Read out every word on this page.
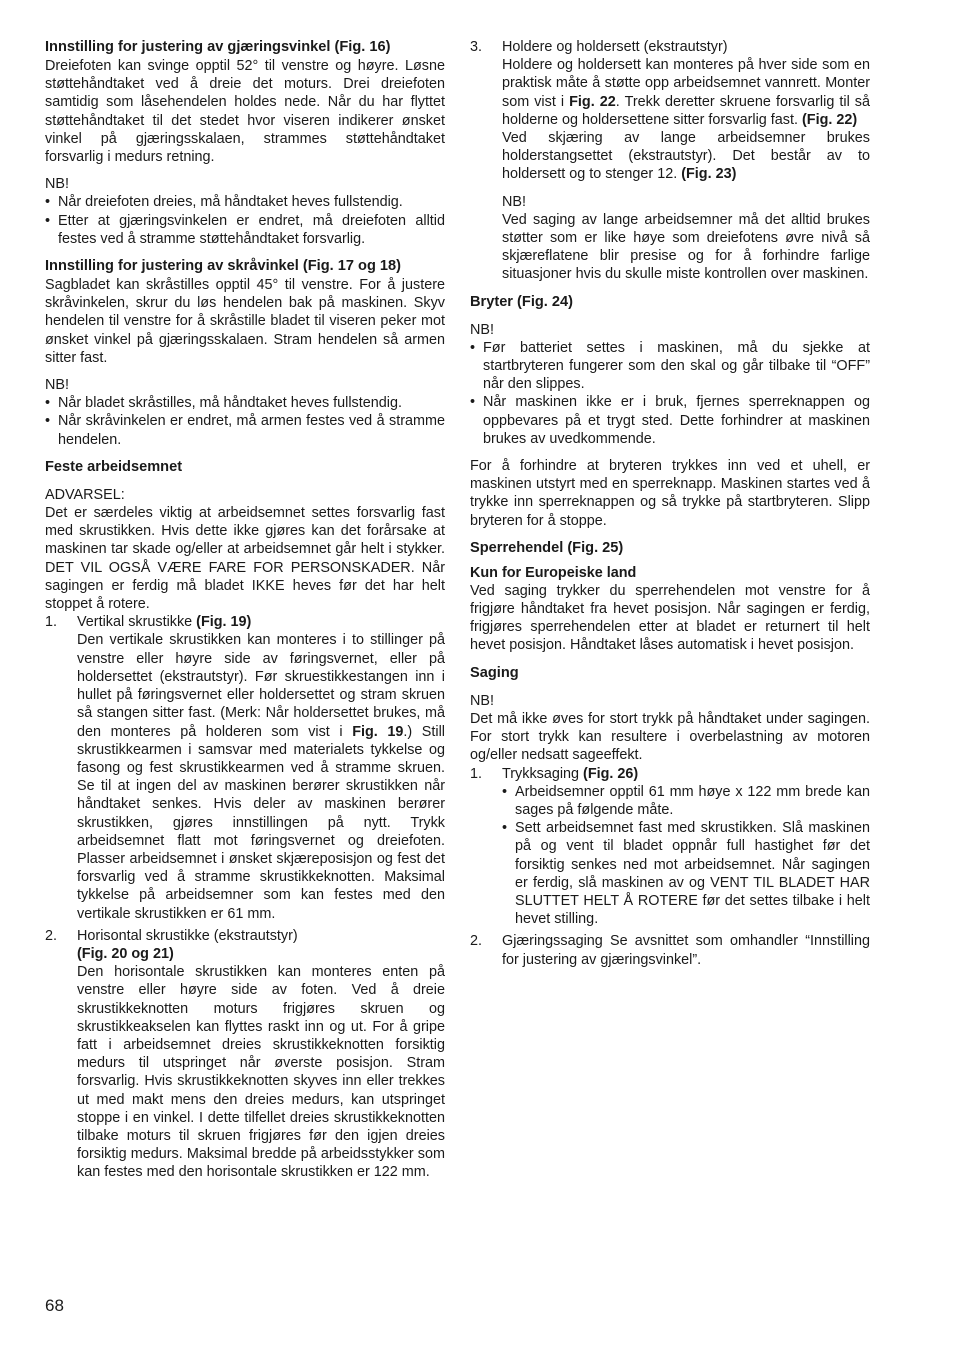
Innstilling for justering av gjæringsvinkel (Fig. 16)

Dreiefoten kan svinge opptil 52° til venstre og høyre. Løsne støttehåndtaket ved å dreie det moturs. Drei dreiefoten samtidig som låsehendelen holdes nede. Når du har flyttet støttehåndtaket til det stedet hvor viseren indikerer ønsket vinkel på gjæringsskalaen, strammes støttehåndtaket forsvarlig i medurs retning.

NB!

• Når dreiefoten dreies, må håndtaket heves fullstendig.
• Etter at gjæringsvinkelen er endret, må dreiefoten alltid festes ved å stramme støttehåndtaket forsvarlig.
Innstilling for justering av skråvinkel (Fig. 17 og 18)

Sagbladet kan skråstilles opptil 45° til venstre. For å justere skråvinkelen, skrur du løs hendelen bak på maskinen. Skyv hendelen til venstre for å skråstille bladet til viseren peker mot ønsket vinkel på gjæringsskalaen. Stram hendelen så armen sitter fast.

NB!

• Når bladet skråstilles, må håndtaket heves fullstendig.
• Når skråvinkelen er endret, må armen festes ved å stramme hendelen.
Feste arbeidsemnet

ADVARSEL:

Det er særdeles viktig at arbeidsemnet settes forsvarlig fast med skrustikken. Hvis dette ikke gjøres kan det forårsake at maskinen tar skade og/eller at arbeidsemnet går helt i stykker. DET VIL OGSÅ VÆRE FARE FOR PERSONSKADER. Når sagingen er ferdig må bladet IKKE heves før det har helt stoppet å rotere.

1. Vertikal skrustikke (Fig. 19)

Den vertikale skrustikken kan monteres i to stillinger på venstre eller høyre side av føringsvernet, eller på holdersettet (ekstrautstyr). Før skruestikkestangen inn i hullet på føringsvernet eller holdersettet og stram skruen så stangen sitter fast. (Merk: Når holdersettet brukes, må den monteres på holderen som vist i Fig. 19.) Still skrustikkearmen i samsvar med materialets tykkelse og fasong og fest skrustikkearmen ved å stramme skruen. Se til at ingen del av maskinen berører skrustikken når håndtaket senkes. Hvis deler av maskinen berører skrustikken, gjøres innstillingen på nytt. Trykk arbeidsemnet flatt mot føringsvernet og dreiefoten. Plasser arbeidsemnet i ønsket skjæreposisjon og fest det forsvarlig ved å stramme skrustikkeknotten. Maksimal tykkelse på arbeidsemner som kan festes med den vertikale skrustikken er 61 mm.

2. Horisontal skrustikke (ekstrautstyr)

(Fig. 20 og 21)

Den horisontale skrustikken kan monteres enten på venstre eller høyre side av foten. Ved å dreie skrustikkeknotten moturs frigjøres skruen og skrustikkeakselen kan flyttes raskt inn og ut. For å gripe fatt i arbeidsemnet dreies skrustikkeknotten forsiktig medurs til utspringet når øverste posisjon. Stram forsvarlig. Hvis skrustikkeknotten skyves inn eller trekkes ut med makt mens den dreies medurs, kan utspringet stoppe i en vinkel. I dette tilfellet dreies skrustikkeknotten tilbake moturs til skruen frigjøres før den igjen dreies forsiktig medurs. Maksimal bredde på arbeidsstykker som kan festes med den horisontale skrustikken er 122 mm.

3. Holdere og holdersett (ekstrautstyr)

Holdere og holdersett kan monteres på hver side som en praktisk måte å støtte opp arbeidsemnet vannrett. Monter som vist i Fig. 22. Trekk deretter skruene forsvarlig til så holderne og holdersettene sitter forsvarlig fast. (Fig. 22)

Ved skjæring av lange arbeidsemner brukes holderstangsettet (ekstrautstyr). Det består av to holdersett og to stenger 12. (Fig. 23)

NB!

Ved saging av lange arbeidsemner må det alltid brukes støtter som er like høye som dreiefotens øvre nivå så skjæreflatene blir presise og for å forhindre farlige situasjoner hvis du skulle miste kontrollen over maskinen.

Bryter (Fig. 24)

NB!

• Før batteriet settes i maskinen, må du sjekke at startbryteren fungerer som den skal og går tilbake til “OFF” når den slippes.
• Når maskinen ikke er i bruk, fjernes sperreknappen og oppbevares på et trygt sted. Dette forhindrer at maskinen brukes av uvedkommende.

For å forhindre at bryteren trykkes inn ved et uhell, er maskinen utstyrt med en sperreknapp. Maskinen startes ved å trykke inn sperreknappen og så trykke på startbryteren. Slipp bryteren for å stoppe.

Sperrehendel (Fig. 25)
Kun for Europeiske land

Ved saging trykker du sperrehendelen mot venstre for å frigjøre håndtaket fra hevet posisjon. Når sagingen er ferdig, frigjøres sperrehendelen etter at bladet er returnert til helt hevet posisjon. Håndtaket låses automatisk i hevet posisjon.

Saging

NB!

Det må ikke øves for stort trykk på håndtaket under sagingen. For stort trykk kan resultere i overbelastning av motoren og/eller nedsatt sageeffekt.

1. Trykksaging (Fig. 26)

• Arbeidsemner opptil 61 mm høye x 122 mm brede kan sages på følgende måte.
• Sett arbeidsemnet fast med skrustikken. Slå maskinen på og vent til bladet oppnår full hastighet før det forsiktig senkes ned mot arbeidsemnet. Når sagingen er ferdig, slå maskinen av og VENT TIL BLADET HAR SLUTTET HELT Å ROTERE før det settes tilbake i helt hevet stilling.
2. Gjæringssaging Se avsnittet som omhandler “Innstilling for justering av gjæringsvinkel”.

68
